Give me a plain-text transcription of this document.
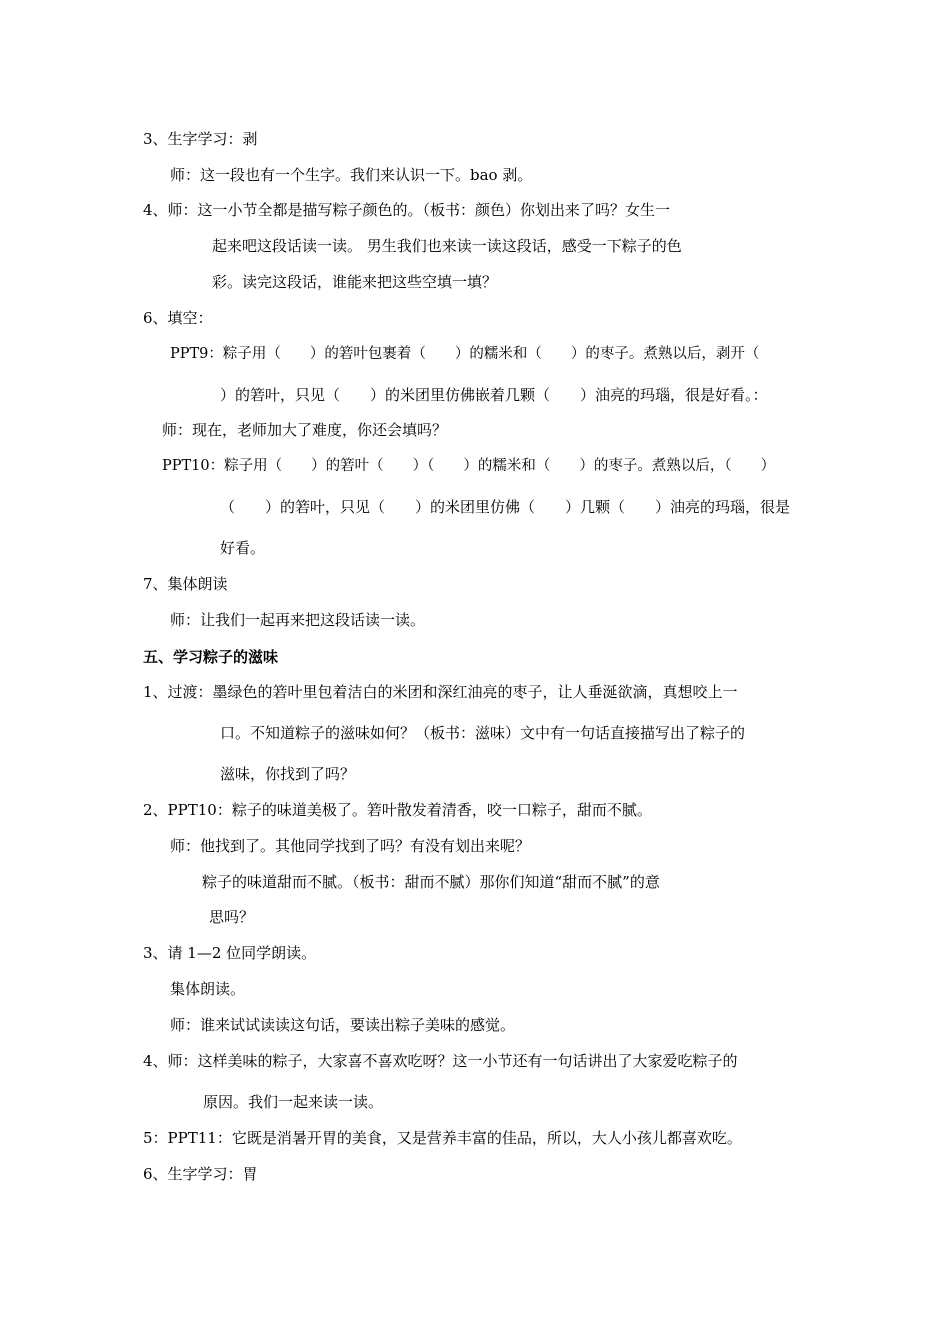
3、生字学习：剥
师：这一段也有一个生字。我们来认识一下。bao 剥。
4、师：这一小节全都是描写粽子颜色的。（板书：颜色）你划出来了吗？女生一
起来吧这段话读一读。 男生我们也来读一读这段话，感受一下粽子的色
彩。读完这段话，谁能来把这些空填一填？
6、填空：
PPT9：粽子用（　　）的箬叶包裹着（　　）的糯米和（　　）的枣子。煮熟以后，剥开（
）的箬叶，只见（　　）的米团里仿佛嵌着几颗（　　）油亮的玛瑙，很是好看。：
师：现在，老师加大了难度，你还会填吗？
PPT10：粽子用（　　）的箬叶（　　）（　　）的糯米和（　　）的枣子。煮熟以后，（　　）
（　　）的箬叶，只见（　　）的米团里仿佛（　　）几颗（　　）油亮的玛瑙，很是
好看。
7、集体朗读
师：让我们一起再来把这段话读一读。
五、学习粽子的滋味
1、过渡：墨绿色的箬叶里包着洁白的米团和深红油亮的枣子，让人垂涎欲滴，真想咬上一
口。不知道粽子的滋味如何？（板书：滋味）文中有一句话直接描写出了粽子的
滋味，你找到了吗？
2、PPT10：粽子的味道美极了。箬叶散发着清香，咬一口粽子，甜而不腻。
师：他找到了。其他同学找到了吗？有没有划出来呢？
粽子的味道甜而不腻。（板书：甜而不腻）那你们知道“甜而不腻”的意
思吗？
3、请 1—2 位同学朗读。
集体朗读。
师：谁来试试读读这句话，要读出粽子美味的感觉。
4、师：这样美味的粽子，大家喜不喜欢吃呀？这一小节还有一句话讲出了大家爱吃粽子的
原因。我们一起来读一读。
5：PPT11：它既是消暑开胃的美食，又是营养丰富的佳品，所以，大人小孩儿都喜欢吃。
6、生字学习：胃
